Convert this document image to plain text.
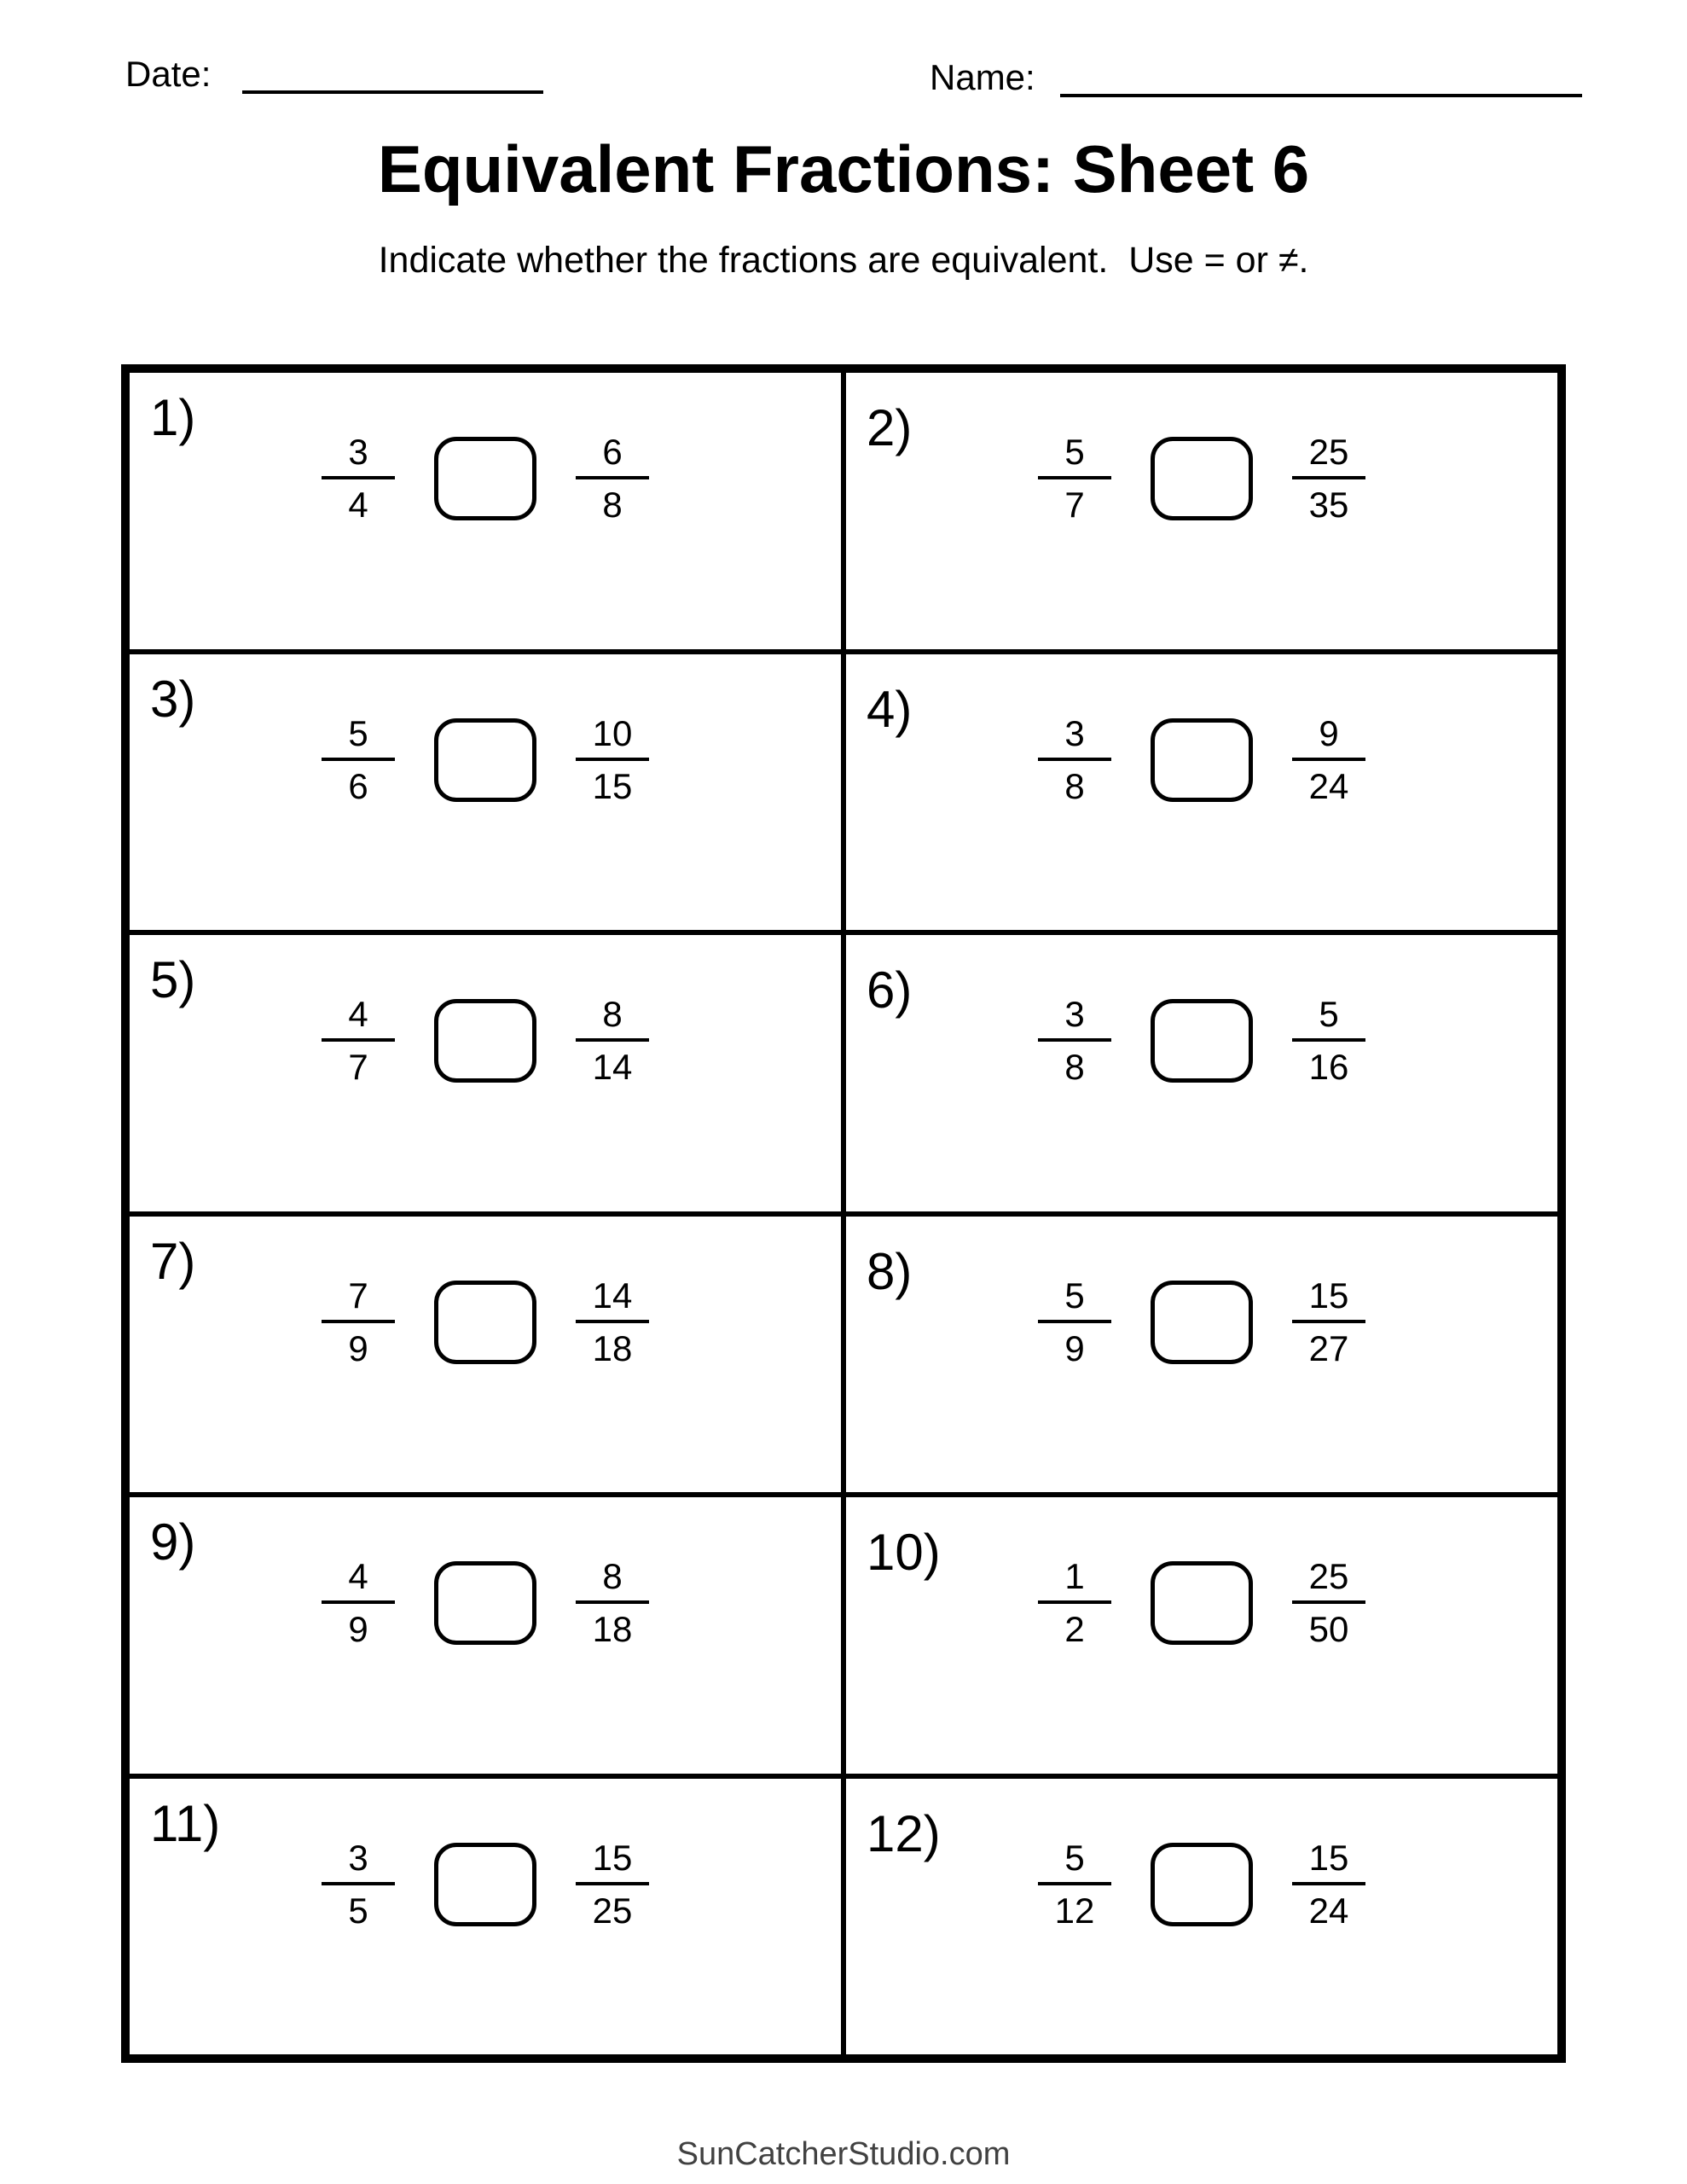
Date:	Name:
Equivalent Fractions: Sheet 6
Indicate whether the fractions are equivalent.  Use = or ≠.
1)
$\frac{3}{4}$	$\frac{6}{8}$
2)
$\frac{5}{7}$	$\frac{25}{35}$
3)
$\frac{5}{6}$	$\frac{10}{15}$
4)
$\frac{3}{8}$	$\frac{9}{24}$
5)
$\frac{4}{7}$	$\frac{8}{14}$
6)
$\frac{3}{8}$	$\frac{5}{16}$
7)
$\frac{7}{9}$	$\frac{14}{18}$
8)
$\frac{5}{9}$	$\frac{15}{27}$
9)
$\frac{4}{9}$	$\frac{8}{18}$
10)
$\frac{1}{2}$	$\frac{25}{50}$
11)
$\frac{3}{5}$	$\frac{15}{25}$
12)
$\frac{5}{12}$	$\frac{15}{24}$
SunCatcherStudio.com
